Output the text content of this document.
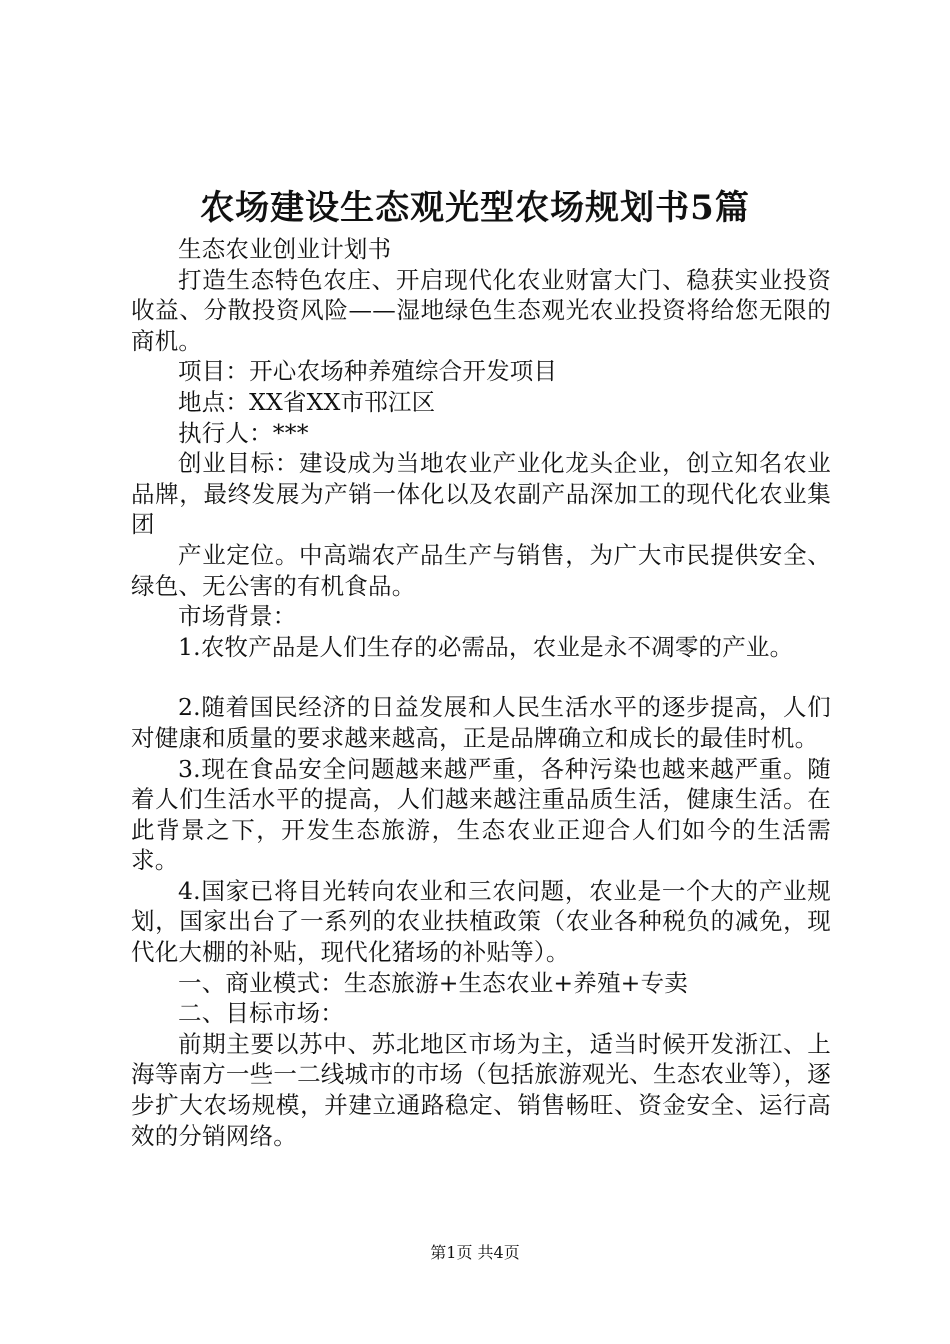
农场建设生态观光型农场规划书5篇

生态农业创业计划书

打造生态特色农庄、开启现代化农业财富大门、稳获实业投资收益、分散投资风险——湿地绿色生态观光农业投资将给您无限的商机。

项目：开心农场种养殖综合开发项目

地点：XX省XX市邗江区

执行人：***

创业目标：建设成为当地农业产业化龙头企业，创立知名农业品牌，最终发展为产销一体化以及农副产品深加工的现代化农业集团

产业定位。中高端农产品生产与销售，为广大市民提供安全、绿色、无公害的有机食品。

市场背景：

1.农牧产品是人们生存的必需品，农业是永不凋零的产业。

2.随着国民经济的日益发展和人民生活水平的逐步提高，人们对健康和质量的要求越来越高，正是品牌确立和成长的最佳时机。

3.现在食品安全问题越来越严重，各种污染也越来越严重。随着人们生活水平的提高，人们越来越注重品质生活，健康生活。在此背景之下，开发生态旅游，生态农业正迎合人们如今的生活需求。

4.国家已将目光转向农业和三农问题，农业是一个大的产业规划，国家出台了一系列的农业扶植政策（农业各种税负的减免，现代化大棚的补贴，现代化猪场的补贴等）。

一、商业模式：生态旅游+生态农业+养殖+专卖

二、目标市场：

前期主要以苏中、苏北地区市场为主，适当时候开发浙江、上海等南方一些一二线城市的市场（包括旅游观光、生态农业等），逐步扩大农场规模，并建立通路稳定、销售畅旺、资金安全、运行高效的分销网络。

第1页 共4页
